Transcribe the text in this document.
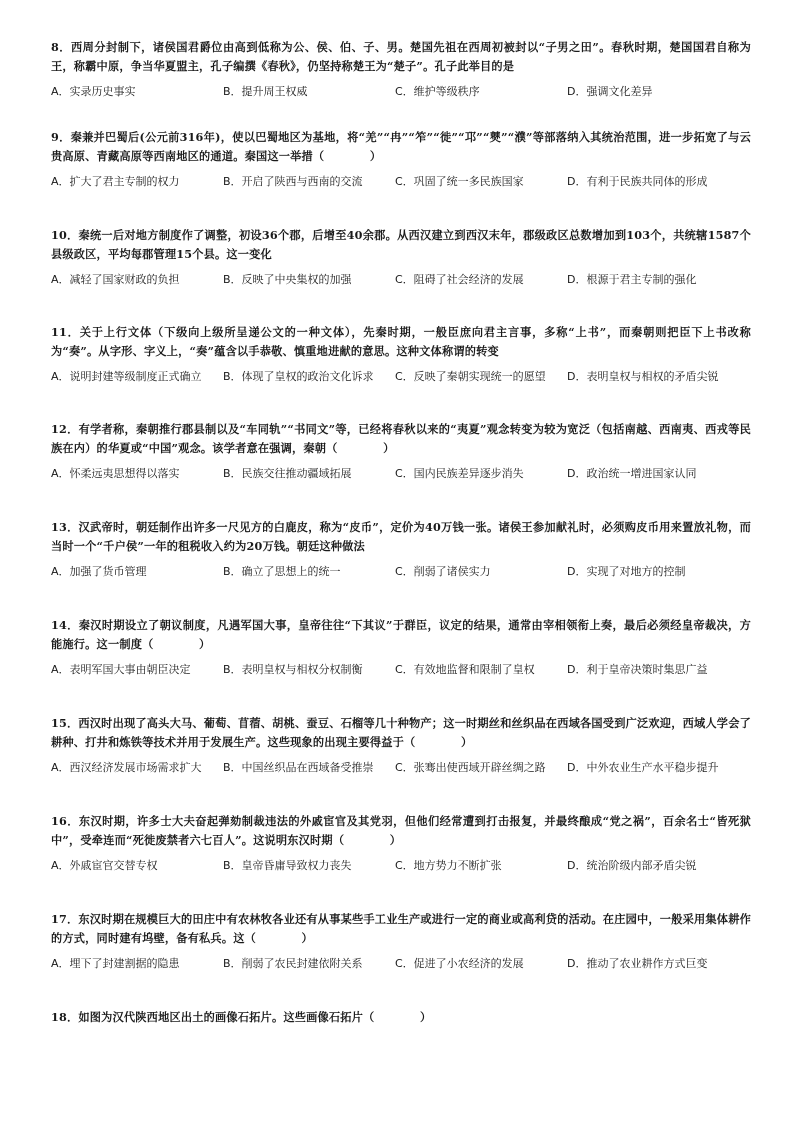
8．西周分封制下，诸侯国君爵位由高到低称为公、侯、伯、子、男。楚国先祖在西周初被封以“子男之田”。春秋时期，楚国国君自称为王，称霸中原，争当华夏盟主，孔子编撰《春秋》，仍坚持称楚王为“楚子”。孔子此举目的是

A．实录历史事实	B．提升周王权威	C．维护等级秩序	D．强调文化差异

9．秦兼并巴蜀后(公元前316年)，使以巴蜀地区为基地，将“羌”“冉”“笮”“徙”“邛”“僰”“濮”等部落纳入其统治范围，进一步拓宽了与云贵高原、青藏高原等西南地区的通道。秦国这一举措（　　　　）

A．扩大了君主专制的权力	B．开启了陕西与西南的交流	C．巩固了统一多民族国家	D．有利于民族共同体的形成

10．秦统一后对地方制度作了调整，初设36个郡，后增至40余郡。从西汉建立到西汉末年，郡级政区总数增加到103个，共统辖1587个县级政区，平均每郡管理15个县。这一变化

A．减轻了国家财政的负担	B．反映了中央集权的加强	C．阻碍了社会经济的发展	D．根源于君主专制的强化

11．关于上行文体（下级向上级所呈递公文的一种文体），先秦时期，一般臣庶向君主言事，多称“上书”，而秦朝则把臣下上书改称为“奏”。从字形、字义上，“奏”蕴含以手恭敬、慎重地进献的意思。这种文体称谓的转变

A．说明封建等级制度正式确立	B．体现了皇权的政治文化诉求	C．反映了秦朝实现统一的愿望	D．表明皇权与相权的矛盾尖锐

12．有学者称，秦朝推行郡县制以及“车同轨”“书同文”等，已经将春秋以来的“夷夏”观念转变为较为宽泛（包括南越、西南夷、西戎等民族在内）的华夏或“中国”观念。该学者意在强调，秦朝（　　　　）

A．怀柔远夷思想得以落实	B．民族交往推动疆域拓展	C．国内民族差异逐步消失	D．政治统一增进国家认同

13．汉武帝时，朝廷制作出许多一尺见方的白鹿皮，称为“皮币”，定价为40万钱一张。诸侯王参加献礼时，必须购皮币用来置放礼物，而当时一个“千户侯”一年的租税收入约为20万钱。朝廷这种做法

A．加强了货币管理	B．确立了思想上的统一	C．削弱了诸侯实力	D．实现了对地方的控制

14．秦汉时期设立了朝议制度，凡遇军国大事，皇帝往往“下其议”于群臣，议定的结果，通常由宰相领衔上奏，最后必须经皇帝裁决，方能施行。这一制度（　　　　）

A．表明军国大事由朝臣决定	B．表明皇权与相权分权制衡	C．有效地监督和限制了皇权	D．利于皇帝决策时集思广益

15．西汉时出现了高头大马、葡萄、苜蓿、胡桃、蚕豆、石榴等几十种物产；这一时期丝和丝织品在西域各国受到广泛欢迎，西域人学会了耕种、打井和炼铁等技术并用于发展生产。这些现象的出现主要得益于（　　　　）

A．西汉经济发展市场需求扩大	B．中国丝织品在西域备受推崇	C．张骞出使西域开辟丝绸之路	D．中外农业生产水平稳步提升

16．东汉时期，许多士大夫奋起弹劾制裁违法的外戚宦官及其党羽，但他们经常遭到打击报复，并最终酿成“党之祸”，百余名士“皆死狱中”，受牵连而“死徙废禁者六七百人”。这说明东汉时期（　　　　）

A．外戚宦官交替专权	B．皇帝昏庸导致权力丧失	C．地方势力不断扩张	D．统治阶级内部矛盾尖锐

17．东汉时期在规模巨大的田庄中有农林牧各业还有从事某些手工业生产或进行一定的商业或高利贷的活动。在庄园中，一般采用集体耕作的方式，同时建有坞壁，备有私兵。这（　　　　）

A．埋下了封建割据的隐患	B．削弱了农民封建依附关系	C．促进了小农经济的发展	D．推动了农业耕作方式巨变

18．如图为汉代陕西地区出土的画像石拓片。这些画像石拓片（　　　　）
